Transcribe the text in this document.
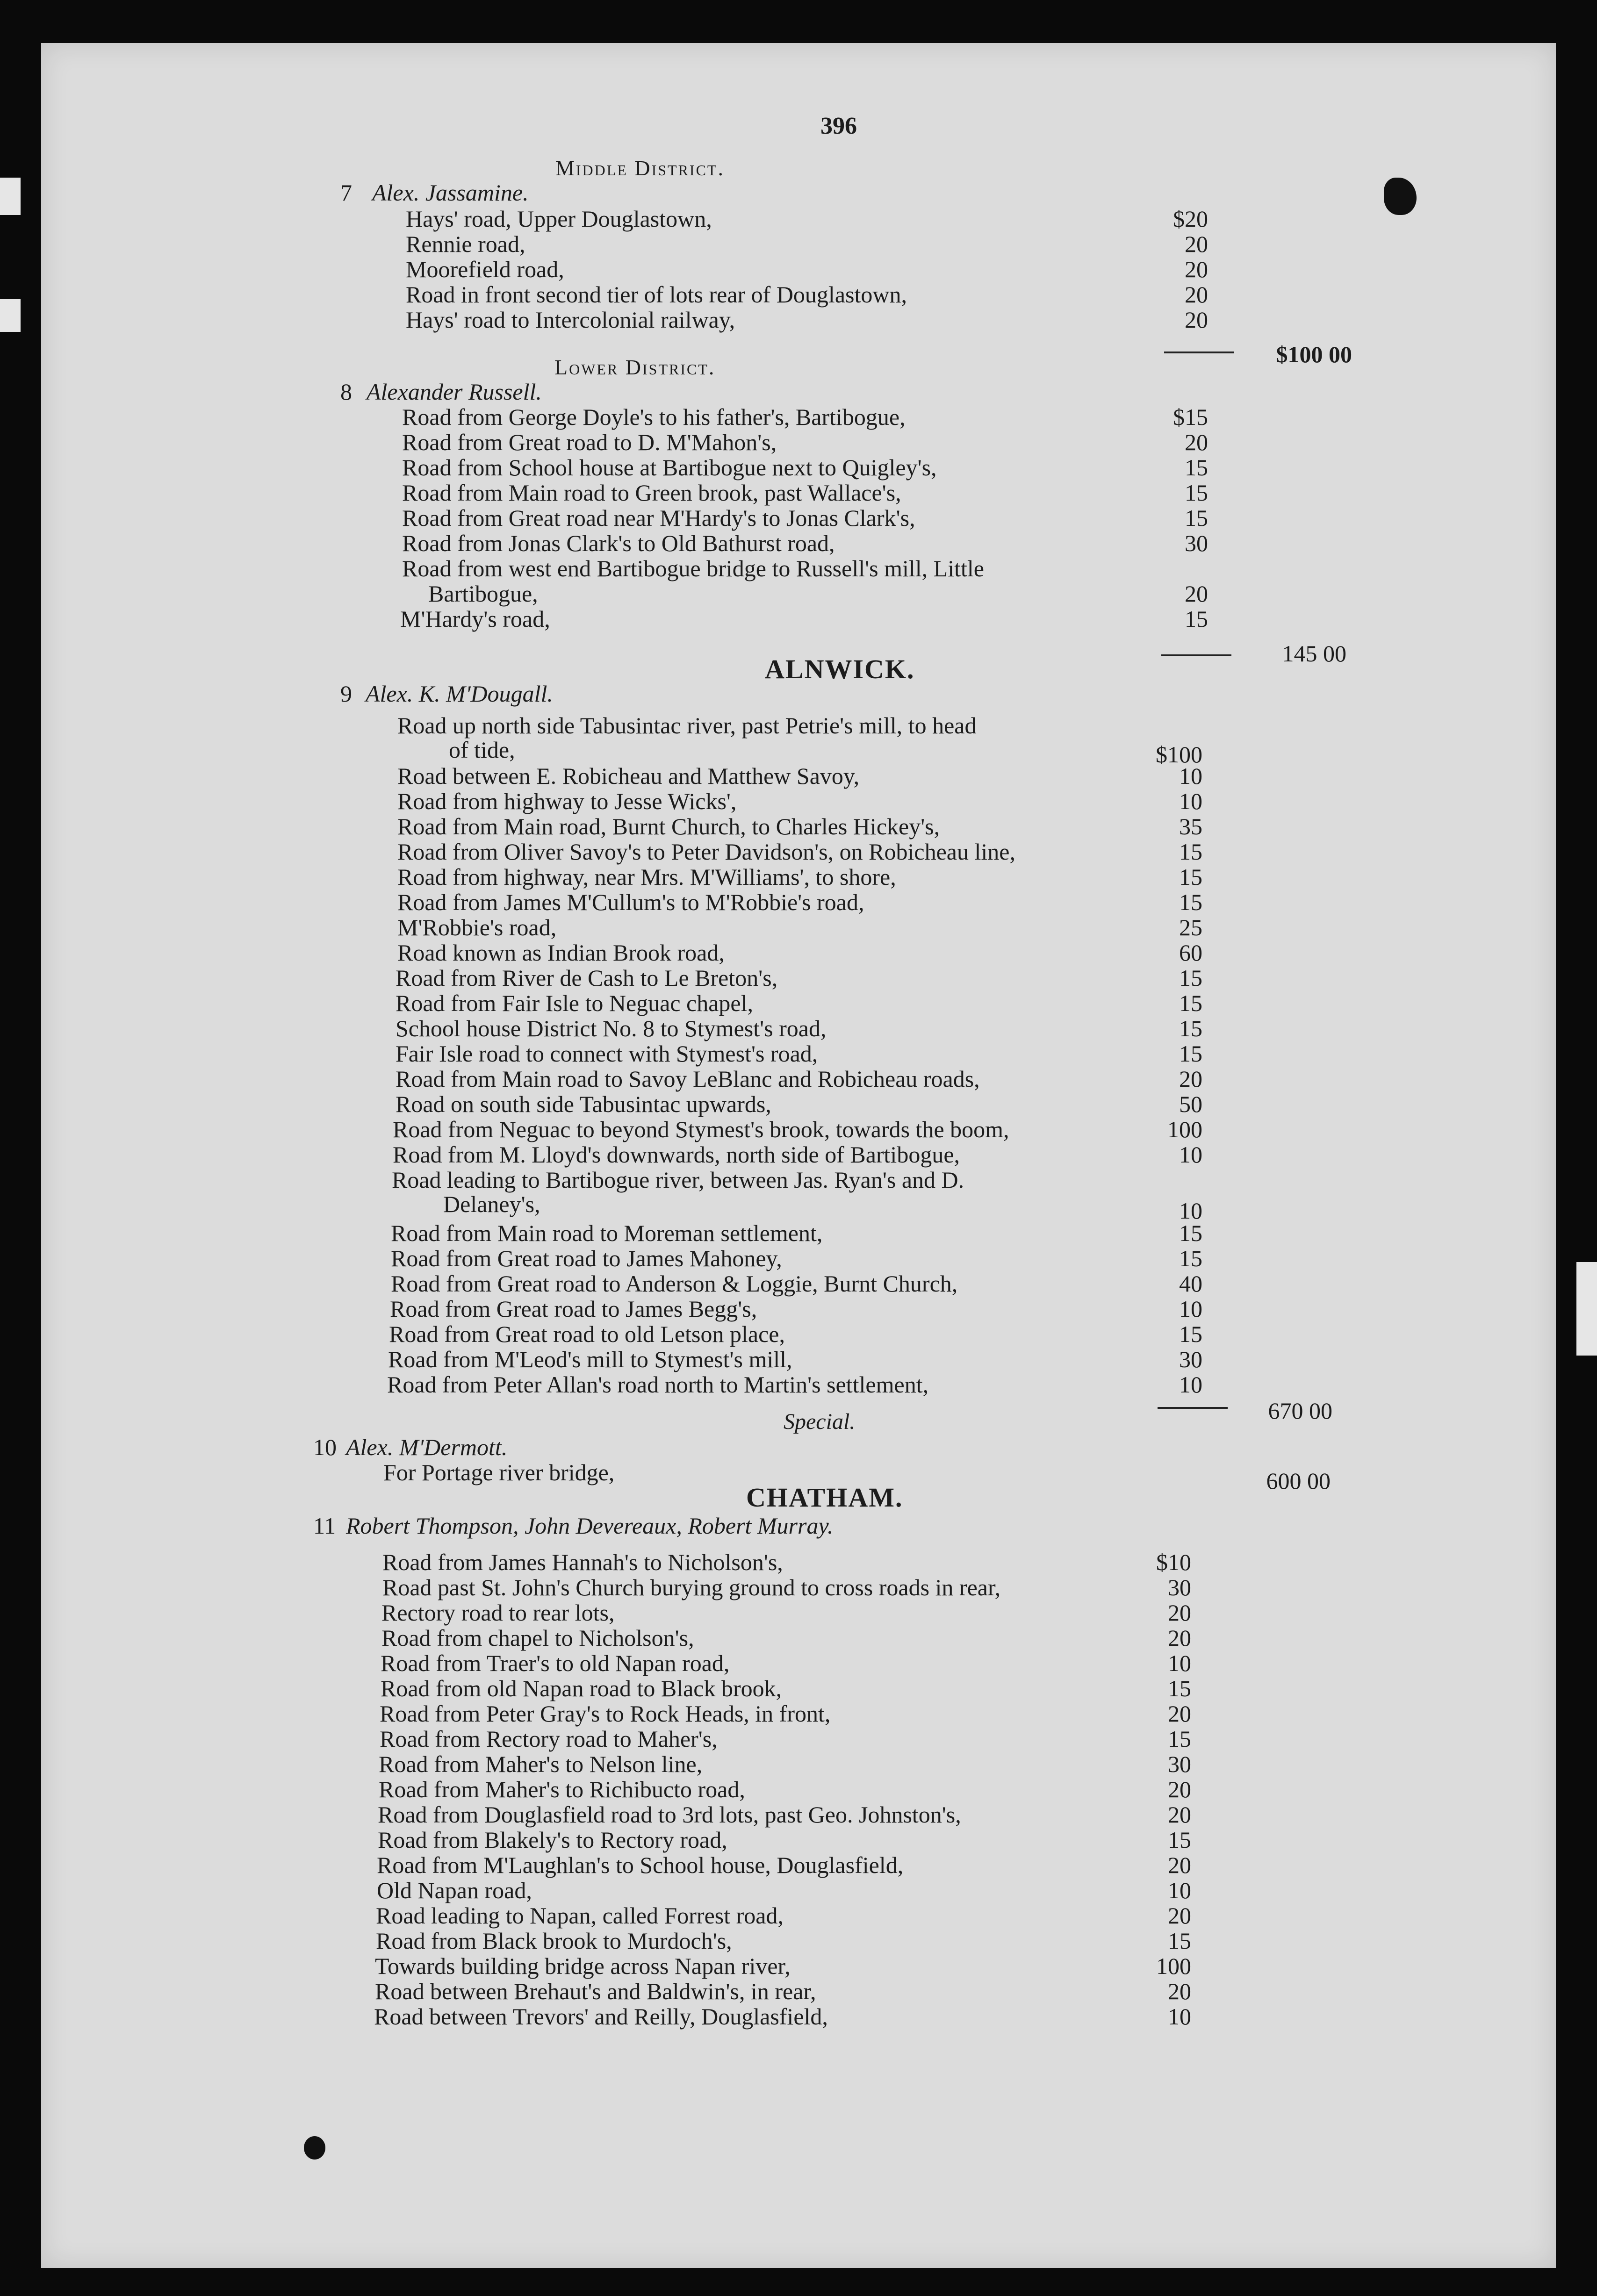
396
Middle District.
7 Alex. Jassamine.
Hays' road, Upper Douglastown,	$20
Rennie road,	20
Moorefield road,	20
Road in front second tier of lots rear of Douglastown,	20
Hays' road to Intercolonial railway,	20
$100 00
Lower District.
8 Alexander Russell.
Road from George Doyle's to his father's, Bartibogue,	$15
Road from Great road to D. M'Mahon's,	20
Road from School house at Bartibogue next to Quigley's,	15
Road from Main road to Green brook, past Wallace's,	15
Road from Great road near M'Hardy's to Jonas Clark's,	15
Road from Jonas Clark's to Old Bathurst road,	30
Road from west end Bartibogue bridge to Russell's mill, Little
Bartibogue,	20
M'Hardy's road,	15
145 00
ALNWICK.
9 Alex. K. M'Dougall.
Road up north side Tabusintac river, past Petrie's mill, to head
of tide,	$100
Road between E. Robicheau and Matthew Savoy,	10
Road from highway to Jesse Wicks',	10
Road from Main road, Burnt Church, to Charles Hickey's,	35
Road from Oliver Savoy's to Peter Davidson's, on Robicheau line,	15
Road from highway, near Mrs. M'Williams', to shore,	15
Road from James M'Cullum's to M'Robbie's road,	15
M'Robbie's road,	25
Road known as Indian Brook road,	60
Road from River de Cash to Le Breton's,	15
Road from Fair Isle to Neguac chapel,	15
School house District No. 8 to Stymest's road,	15
Fair Isle road to connect with Stymest's road,	15
Road from Main road to Savoy LeBlanc and Robicheau roads,	20
Road on south side Tabusintac upwards,	50
Road from Neguac to beyond Stymest's brook, towards the boom,	100
Road from M. Lloyd's downwards, north side of Bartibogue,	10
Road leading to Bartibogue river, between Jas. Ryan's and D.
Delaney's,	10
Road from Main road to Moreman settlement,	15
Road from Great road to James Mahoney,	15
Road from Great road to Anderson & Loggie, Burnt Church,	40
Road from Great road to James Begg's,	10
Road from Great road to old Letson place,	15
Road from M'Leod's mill to Stymest's mill,	30
Road from Peter Allan's road north to Martin's settlement,	10
670 00
Special.
10 Alex. M'Dermott.
For Portage river bridge,	600 00
CHATHAM.
11 Robert Thompson, John Devereaux, Robert Murray.
Road from James Hannah's to Nicholson's,	$10
Road past St. John's Church burying ground to cross roads in rear,	30
Rectory road to rear lots,	20
Road from chapel to Nicholson's,	20
Road from Traer's to old Napan road,	10
Road from old Napan road to Black brook,	15
Road from Peter Gray's to Rock Heads, in front,	20
Road from Rectory road to Maher's,	15
Road from Maher's to Nelson line,	30
Road from Maher's to Richibucto road,	20
Road from Douglasfield road to 3rd lots, past Geo. Johnston's,	20
Road from Blakely's to Rectory road,	15
Road from M'Laughlan's to School house, Douglasfield,	20
Old Napan road,	10
Road leading to Napan, called Forrest road,	20
Road from Black brook to Murdoch's,	15
Towards building bridge across Napan river,	100
Road between Brehaut's and Baldwin's, in rear,	20
Road between Trevors' and Reilly, Douglasfield,	10
